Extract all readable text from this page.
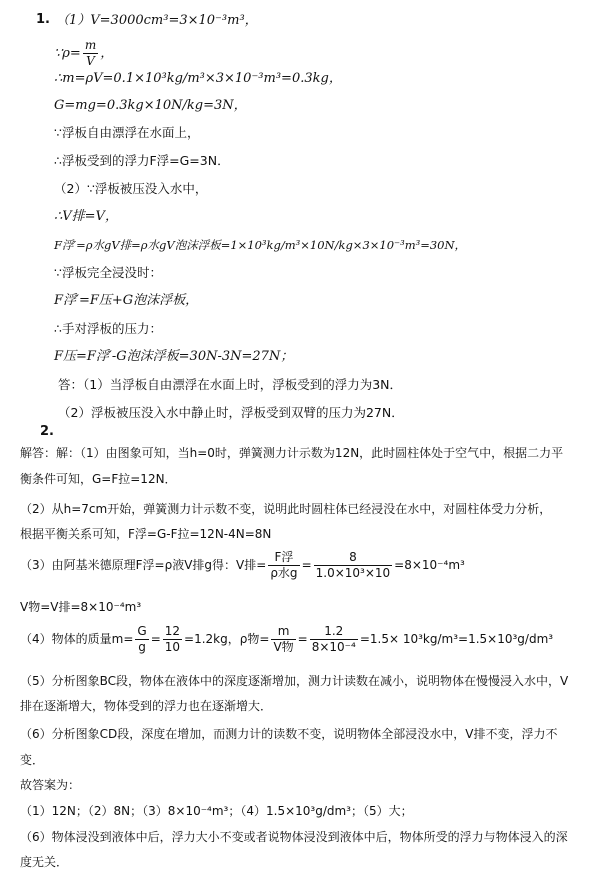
1. （1）V=3000cm³=3×10⁻³m³，
∵ρ= $\frac{m}{V}$ ，
∴m=ρV=0.1×10³kg/m³×3×10⁻³m³=0.3kg，
G=mg=0.3kg×10N/kg=3N，
∵浮板自由漂浮在水面上，
∴浮板受到的浮力F浮=G=3N．
（2）∵浮板被压没入水中，
∴V排=V，
F浮′=ρ水gV排=ρ水gV泡沫浮板=1×10³kg/m³×10N/kg×3×10⁻³m³=30N，
∵浮板完全浸没时：
F浮′=F压+G泡沫浮板，
∴手对浮板的压力：
F压=F浮′-G泡沫浮板=30N-3N=27N；
答：（1）当浮板自由漂浮在水面上时，浮板受到的浮力为3N．
（2）浮板被压没入水中静止时，浮板受到双臂的压力为27N．
2.
解答：解：（1）由图象可知，当h=0时，弹簧测力计示数为12N，此时圆柱体处于空气中，根据二力平
衡条件可知，G=F拉=12N．
（2）从h=7cm开始，弹簧测力计示数不变，说明此时圆柱体已经浸没在水中，对圆柱体受力分析，
根据平衡关系可知，F浮=G-F拉=12N-4N=8N
（3）由阿基米德原理F浮=ρ液V排g得：V排= $\frac{\text{F浮}}{\text{ρ水g}} = \frac{8}{\text{1.0×10³×10}} =8\times 10^{-4}m^3$
V物=V排=8×10⁻⁴m³
（4）物体的质量$m= \frac{G}{g} = \frac{12}{10} =1.2kg$，ρ物= $\frac{m}{\text{V物}} = \frac{1.2}{\text{8×10⁻⁴}} =1.5\times 10^3kg/m^3=1.5\times 10^3g/dm^3$
（5）分析图象BC段，物体在液体中的深度逐渐增加，测力计读数在减小，说明物体在慢慢浸入水中，V
排在逐渐增大，物体受到的浮力也在逐渐增大．
（6）分析图象CD段，深度在增加，而测力计的读数不变，说明物体全部浸没水中，V排不变，浮力不
变．
故答案为：
（1）12N；（2）8N；（3）8×10⁻⁴m³；（4）1.5×10³g/dm³；（5）大；
（6）物体浸没到液体中后，浮力大小不变或者说物体浸没到液体中后，物体所受的浮力与物体浸入的深
度无关．
